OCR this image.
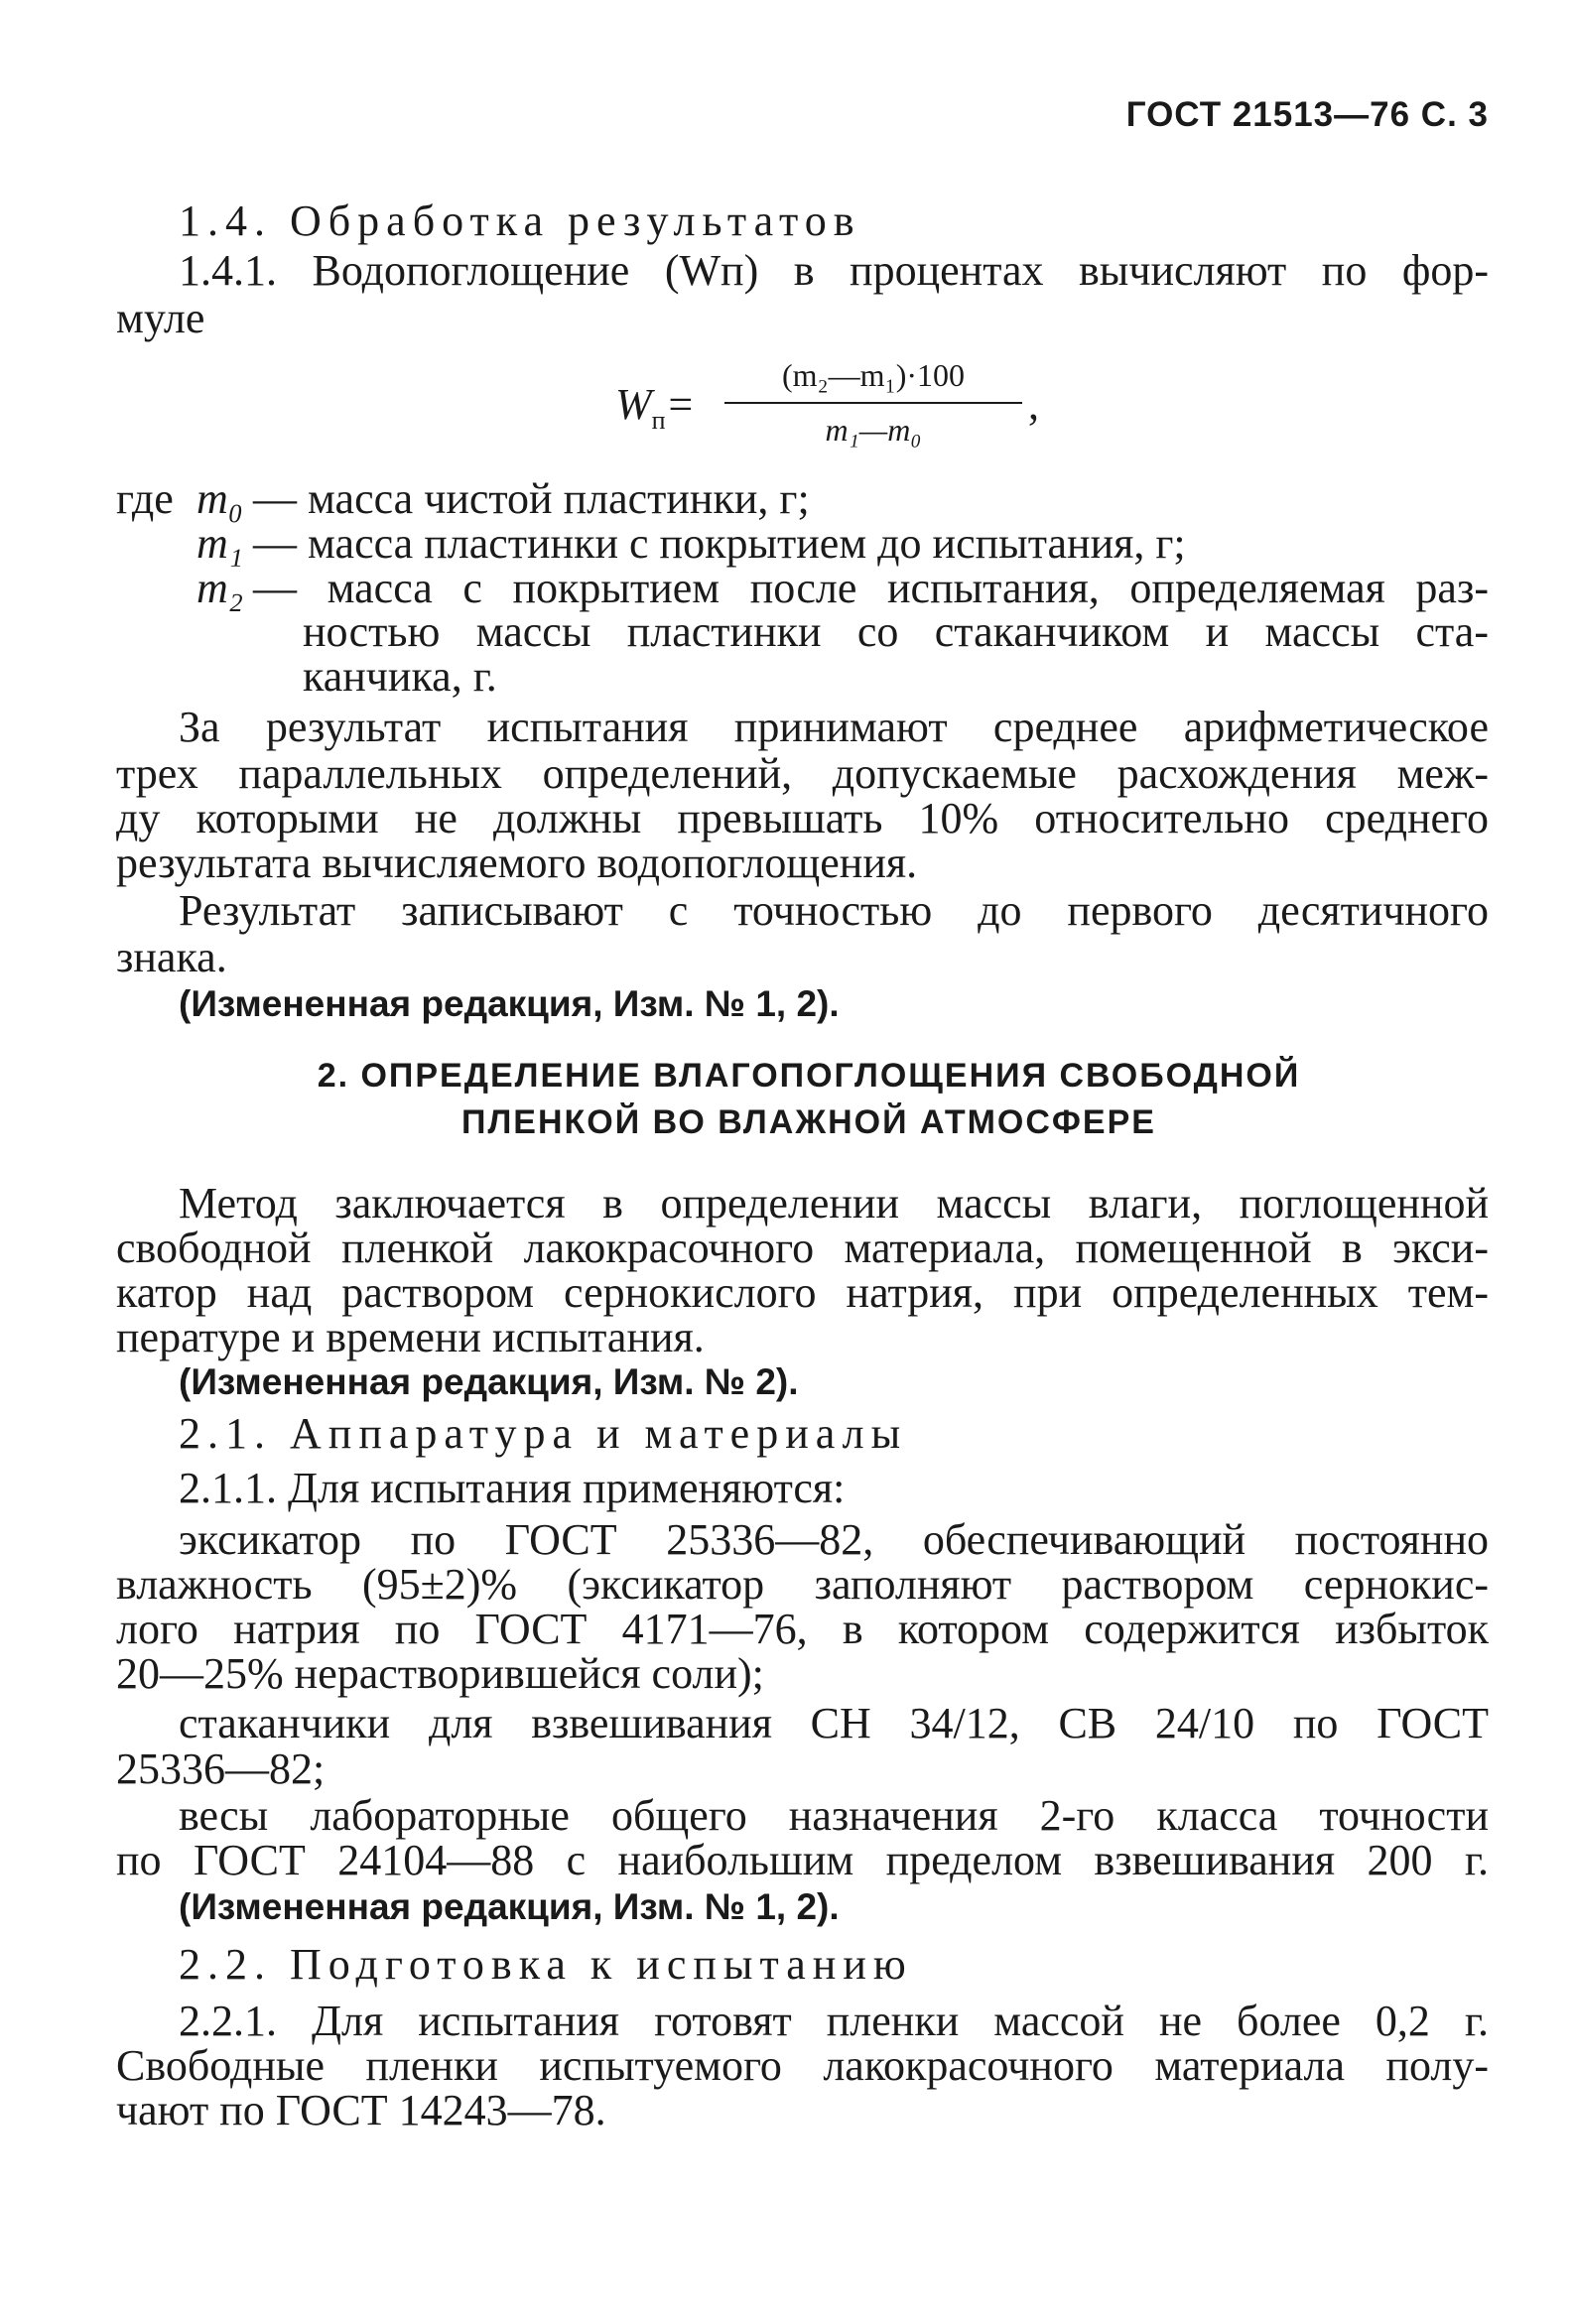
ГОСТ 21513—76 С. 3
1.4. Обработка результатов
1.4.1. Водопоглощение (Wп) в процентах вычисляют по фор-
муле
$W_п=$
(m₂—m₁)·100
m₁—m₀
,
где m₀ — масса чистой пластинки, г;
m₁ — масса пластинки с покрытием до испытания, г;
m₂ — масса с покрытием после испытания, определяемая раз-
ностью массы пластинки со стаканчиком и массы ста-
канчика, г.
За результат испытания принимают среднее арифметическое
трех параллельных определений, допускаемые расхождения меж-
ду которыми не должны превышать 10% относительно среднего
результата вычисляемого водопоглощения.
Результат записывают с точностью до первого десятичного
знака.
(Измененная редакция, Изм. № 1, 2).
2. ОПРЕДЕЛЕНИЕ ВЛАГОПОГЛОЩЕНИЯ СВОБОДНОЙ
ПЛЕНКОЙ ВО ВЛАЖНОЙ АТМОСФЕРЕ
Метод заключается в определении массы влаги, поглощенной
свободной пленкой лакокрасочного материала, помещенной в экси-
катор над раствором сернокислого натрия, при определенных тем-
пературе и времени испытания.
(Измененная редакция, Изм. № 2).
2.1. Аппаратура и материалы
2.1.1. Для испытания применяются:
эксикатор по ГОСТ 25336—82, обеспечивающий постоянно
влажность (95±2)% (эксикатор заполняют раствором сернокис-
лого натрия по ГОСТ 4171—76, в котором содержится избыток
20—25% нерастворившейся соли);
стаканчики для взвешивания СН 34/12, СВ 24/10 по ГОСТ
25336—82;
весы лабораторные общего назначения 2-го класса точности
по ГОСТ 24104—88 с наибольшим пределом взвешивания 200 г.
(Измененная редакция, Изм. № 1, 2).
2.2. Подготовка к испытанию
2.2.1. Для испытания готовят пленки массой не более 0,2 г.
Свободные пленки испытуемого лакокрасочного материала полу-
чают по ГОСТ 14243—78.
